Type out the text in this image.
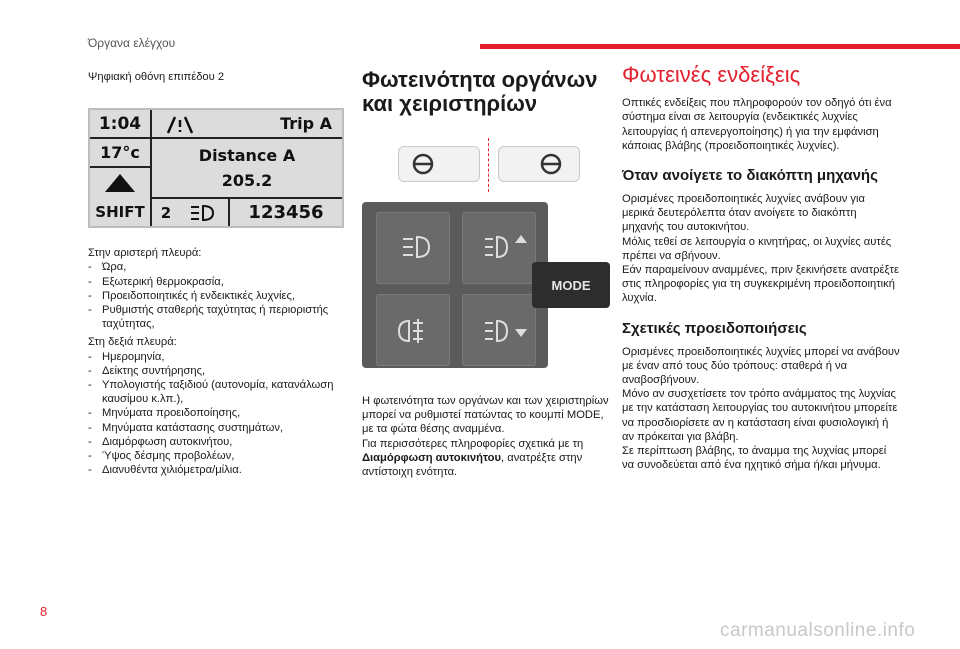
Όργανα ελέγχου
Ψηφιακή οθόνη επιπέδου 2
1:04
17°c
SHIFT
Trip A
Distance A
205.2
2	123456

Στην αριστερή πλευρά:

- Ώρα,
- Εξωτερική θερμοκρασία,
- Προειδοποιητικές ή ενδεικτικές λυχνίες,
- Ρυθμιστής σταθερής ταχύτητας ή περιοριστής ταχύτητας,

Στη δεξιά πλευρά:

- Ημερομηνία,
- Δείκτης συντήρησης,
- Υπολογιστής ταξιδιού (αυτονομία, κατανάλωση καυσίμου κ.λπ.),
- Μηνύματα προειδοποίησης,
- Μηνύματα κατάστασης συστημάτων,
- Διαμόρφωση αυτοκινήτου,
- Ύψος δέσμης προβολέων,
- Διανυθέντα χιλιόμετρα/μίλια.
Φωτεινότητα οργάνων και χειριστηρίων
MODE
Η φωτεινότητα των οργάνων και των χειριστηρίων μπορεί να ρυθμιστεί πατώντας το κουμπί MODE, με τα φώτα θέσης αναμμένα.
Για περισσότερες πληροφορίες σχετικά με τη Διαμόρφωση αυτοκινήτου, ανατρέξτε στην αντίστοιχη ενότητα.
Φωτεινές ενδείξεις

Οπτικές ενδείξεις που πληροφορούν τον οδηγό ότι ένα σύστημα είναι σε λειτουργία (ενδεικτικές λυχνίες λειτουργίας ή απενεργοποίησης) ή για την εμφάνιση κάποιας βλάβης (προειδοποιητικές λυχνίες).

Όταν ανοίγετε το διακόπτη μηχανής

Ορισμένες προειδοποιητικές λυχνίες ανάβουν για μερικά δευτερόλεπτα όταν ανοίγετε το διακόπτη μηχανής του αυτοκινήτου.

Μόλις τεθεί σε λειτουργία ο κινητήρας, οι λυχνίες αυτές πρέπει να σβήνουν.

Εάν παραμείνουν αναμμένες, πριν ξεκινήσετε ανατρέξτε στις πληροφορίες για τη συγκεκριμένη προειδοποιητική λυχνία.

Σχετικές προειδοποιήσεις

Ορισμένες προειδοποιητικές λυχνίες μπορεί να ανάβουν με έναν από τους δύο τρόπους: σταθερά ή να αναβοσβήνουν.

Μόνο αν συσχετίσετε τον τρόπο ανάμματος της λυχνίας με την κατάσταση λειτουργίας του αυτοκινήτου μπορείτε να προσδιορίσετε αν η κατάσταση είναι φυσιολογική ή αν πρόκειται για βλάβη.

Σε περίπτωση βλάβης, το άναμμα της λυχνίας μπορεί να συνοδεύεται από ένα ηχητικό σήμα ή/και μήνυμα.

8
carmanualsonline.info
